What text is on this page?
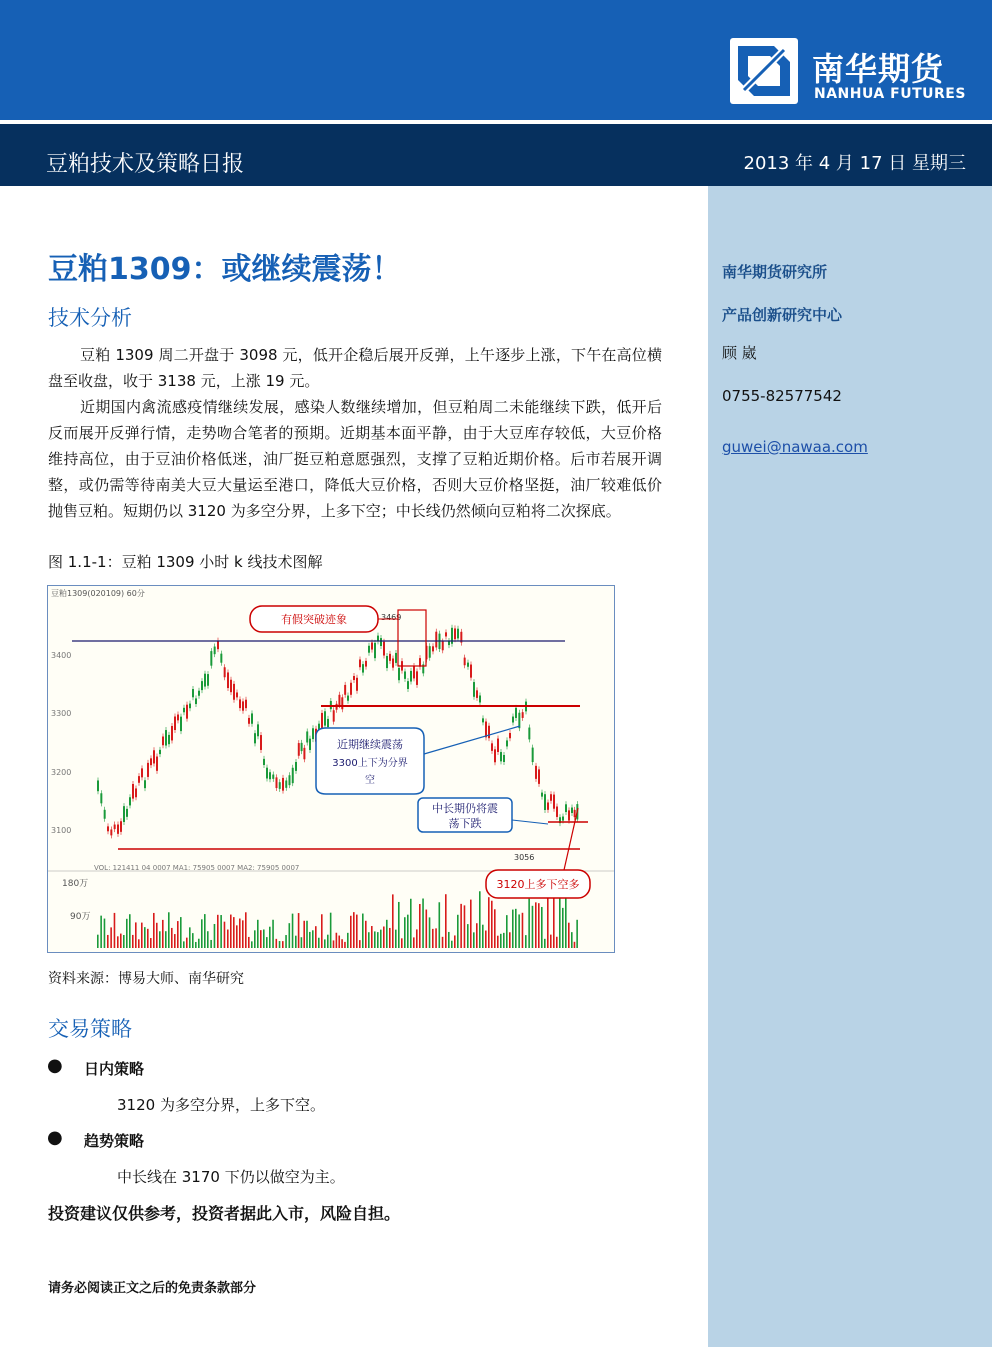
南华期货
NANHUA FUTURES
豆粕技术及策略日报	2013 年 4 月 17 日 星期三
南华期货研究所
产品创新研究中心
顾 崴
0755-82577542
guwei@nawaa.com
豆粕1309：或继续震荡！
技术分析
豆粕 1309 周二开盘于 3098 元，低开企稳后展开反弹，上午逐步上涨，下午在高位横盘至收盘，收于 3138 元，上涨 19 元。
近期国内禽流感疫情继续发展，感染人数继续增加，但豆粕周二未能继续下跌，低开后反而展开反弹行情，走势吻合笔者的预期。近期基本面平静，由于大豆库存较低，大豆价格维持高位，由于豆油价格低迷，油厂挺豆粕意愿强烈，支撑了豆粕近期价格。后市若展开调整，或仍需等待南美大豆大量运至港口，降低大豆价格，否则大豆价格坚挺，油厂较难低价抛售豆粕。短期仍以 3120 为多空分界，上多下空；中长线仍然倾向豆粕将二次探底。
图 1.1-1：豆粕 1309 小时 k 线技术图解
豆粕1309(020109) 60分
3400
3300
3200
3100
VOL: 121411 04 0007 MA1: 75905 0007 MA2: 75905 0007
180万
90万
3469
3056
有假突破迹象
近期继续震荡
3300上下为分界
空
中长期仍将震
荡下跌
3120上多下空多
资料来源：博易大师、南华研究
交易策略
● 日内策略
3120 为多空分界，上多下空。
● 趋势策略
中长线在 3170 下仍以做空为主。
投资建议仅供参考，投资者据此入市，风险自担。
请务必阅读正文之后的免责条款部分
